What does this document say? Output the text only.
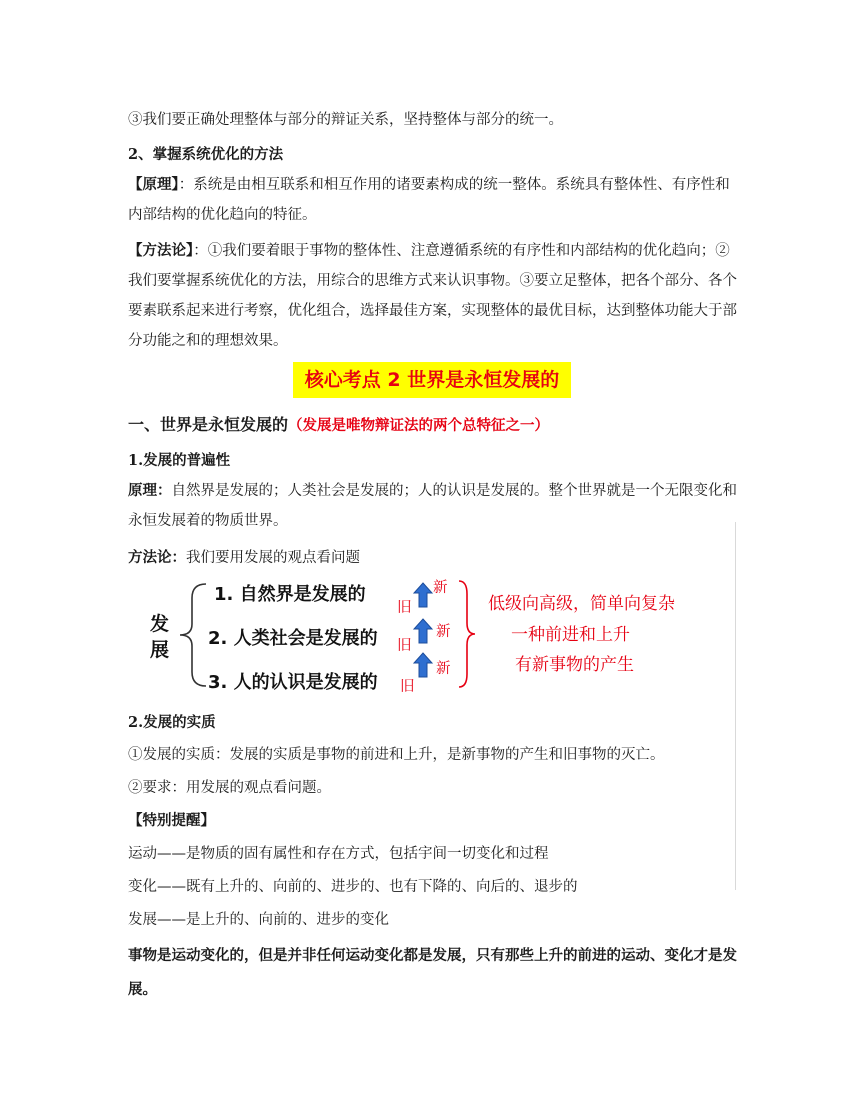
③我们要正确处理整体与部分的辩证关系，坚持整体与部分的统一。
2、掌握系统优化的方法
【原理】：系统是由相互联系和相互作用的诸要素构成的统一整体。系统具有整体性、有序性和内部结构的优化趋向的特征。
【方法论】：①我们要着眼于事物的整体性、注意遵循系统的有序性和内部结构的优化趋向；②我们要掌握系统优化的方法，用综合的思维方式来认识事物。③要立足整体，把各个部分、各个要素联系起来进行考察，优化组合，选择最佳方案，实现整体的最优目标，达到整体功能大于部分功能之和的理想效果。
核心考点 2 世界是永恒发展的
一、世界是永恒发展的（发展是唯物辩证法的两个总特征之一）
1.发展的普遍性
原理：自然界是发展的；人类社会是发展的；人的认识是发展的。整个世界就是一个无限变化和永恒发展着的物质世界。
方法论：我们要用发展的观点看问题
发
展
1. 自然界是发展的
2. 人类社会是发展的
3. 人的认识是发展的
旧
旧
旧
新
新
新
低级向高级，简单向复杂
一种前进和上升
有新事物的产生
2.发展的实质
①发展的实质：发展的实质是事物的前进和上升，是新事物的产生和旧事物的灭亡。
②要求：用发展的观点看问题。
【特别提醒】
运动——是物质的固有属性和存在方式，包括宇间一切变化和过程
变化——既有上升的、向前的、进步的、也有下降的、向后的、退步的
发展——是上升的、向前的、进步的变化
事物是运动变化的，但是并非任何运动变化都是发展，只有那些上升的前进的运动、变化才是发展。
